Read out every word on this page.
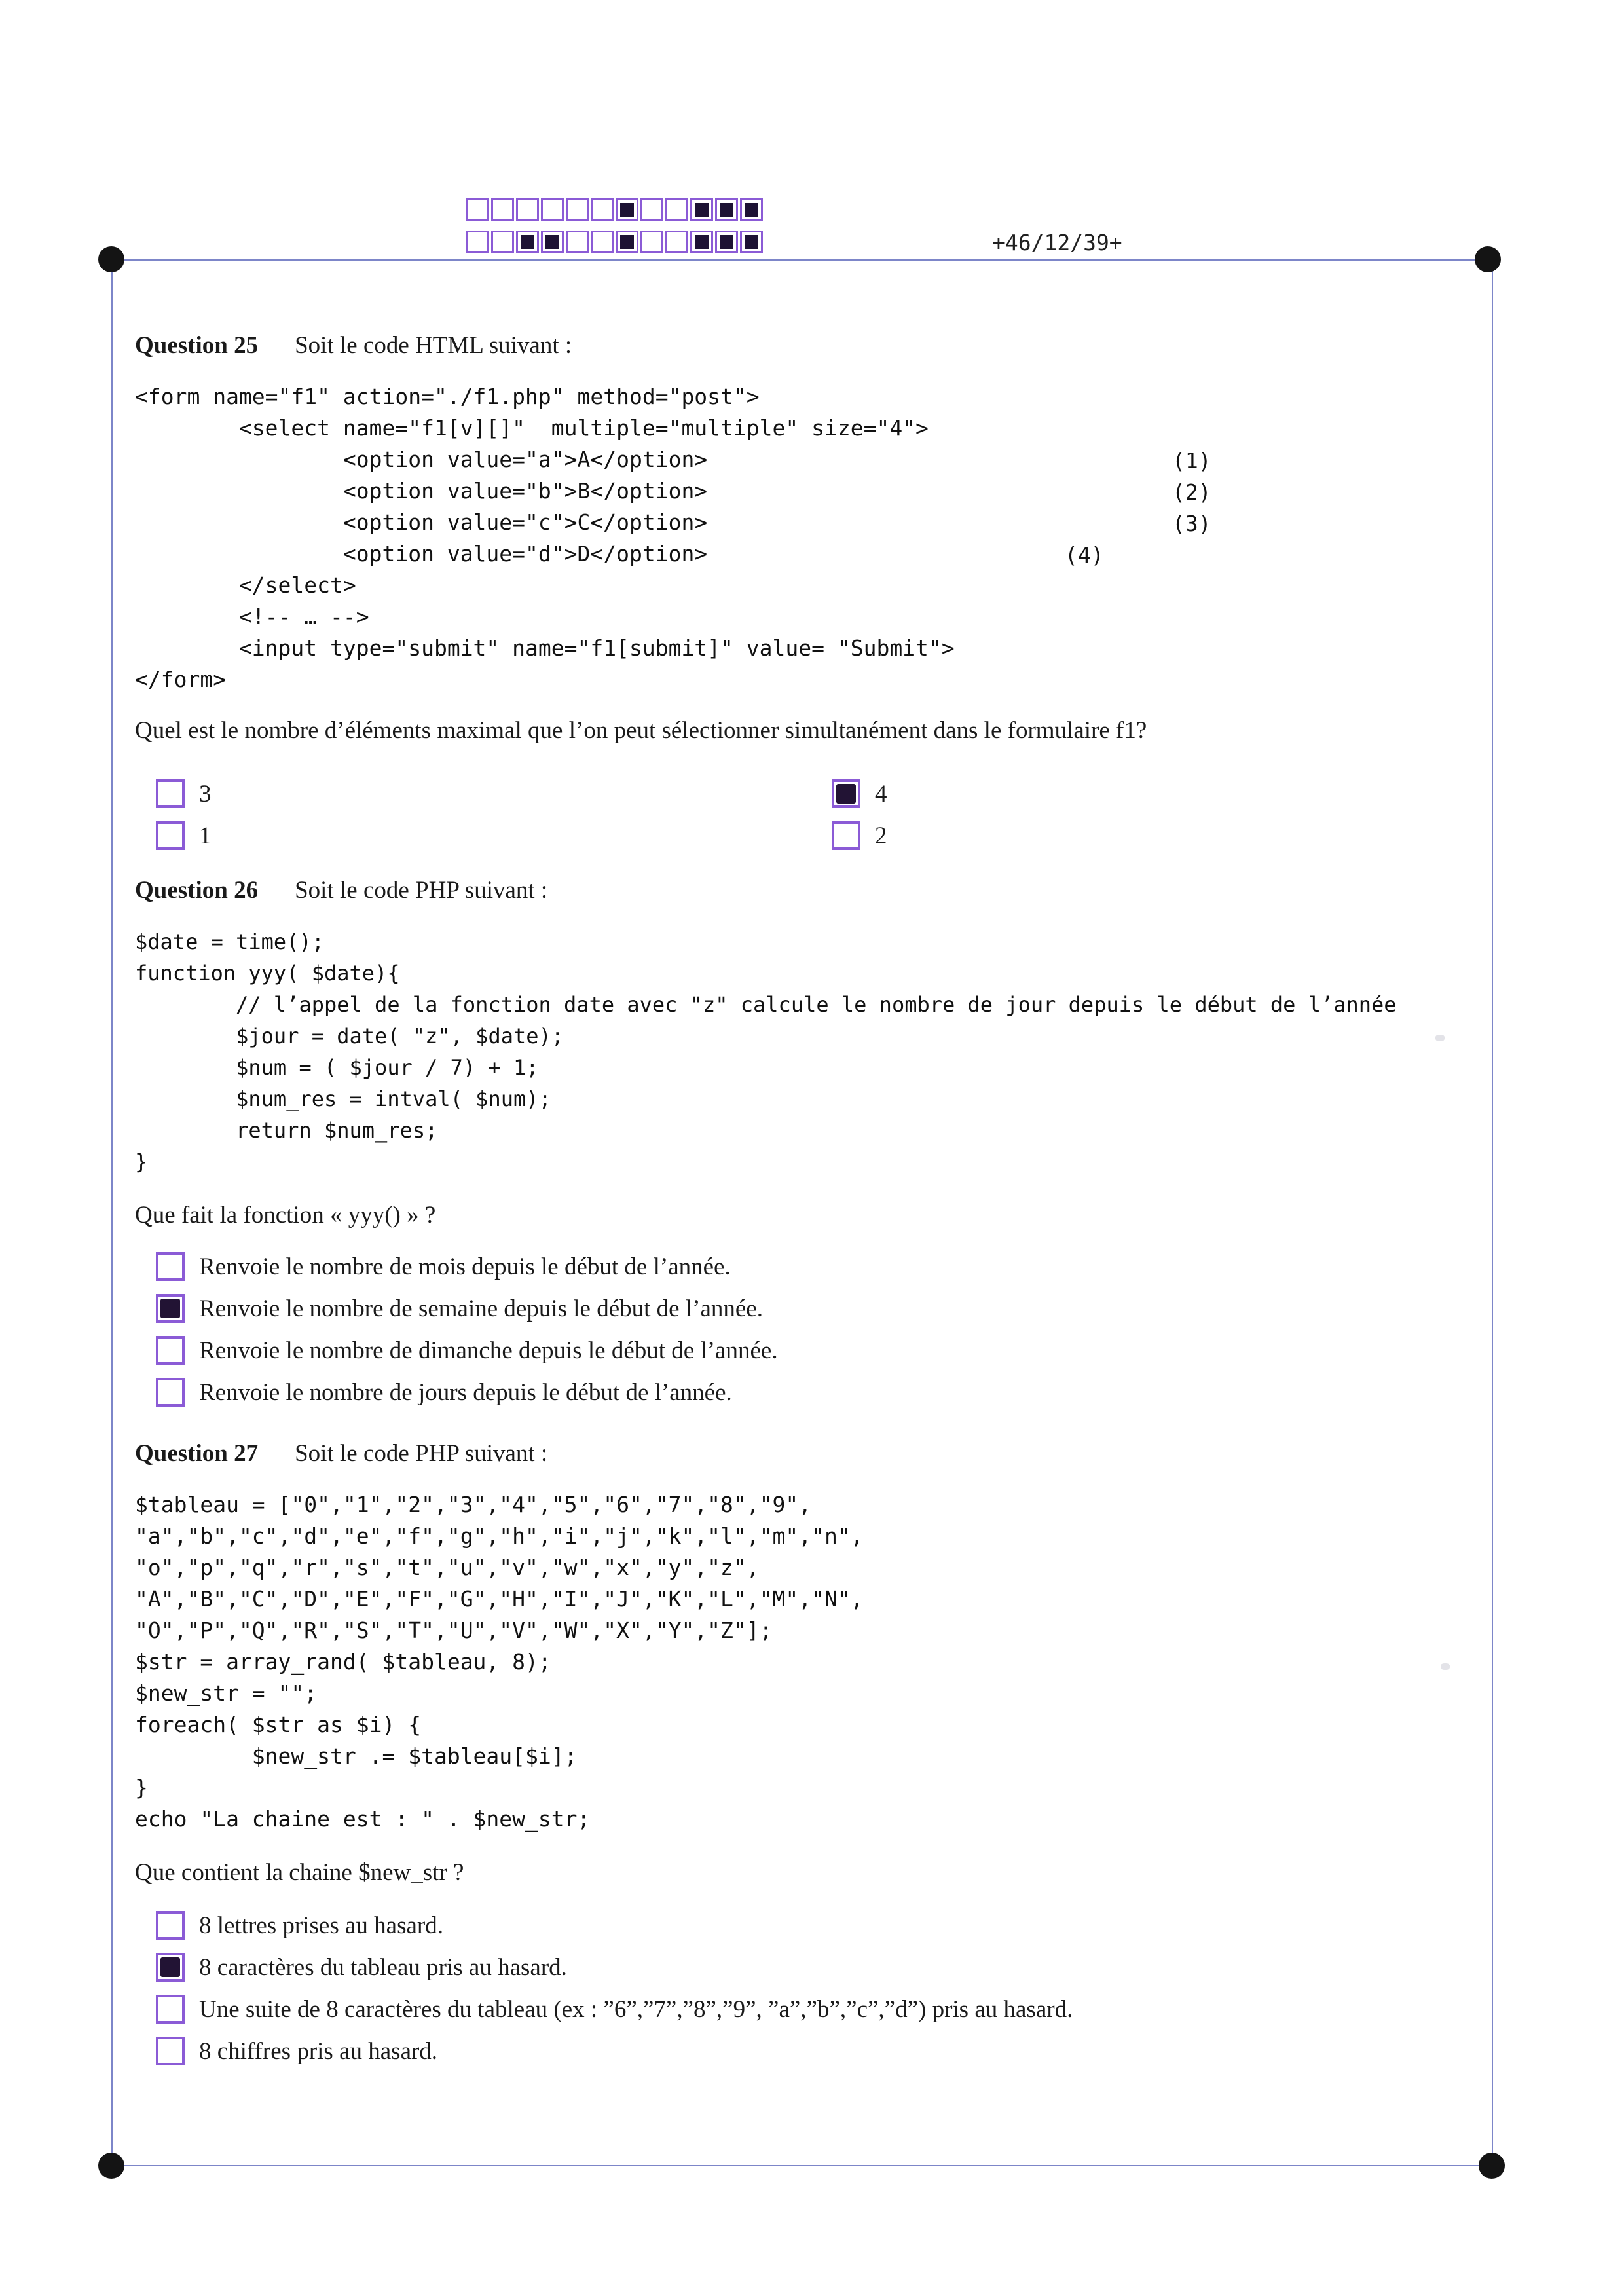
+46/12/39+
Question 25 Soit le code HTML suivant :
<form name="f1" action="./f1.php" method="post">
<select name="f1[v][]"  multiple="multiple" size="4">
<option value="a">A</option>
<option value="b">B</option>
<option value="c">C</option>
<option value="d">D</option>
</select>
<!-- … -->
<input type="submit" name="f1[submit]" value= "Submit">
</form>
(1)
(2)
(3)
(4)
Quel est le nombre d’éléments maximal que l’on peut sélectionner simultanément dans le formulaire f1?
3	4
1	2
Question 26 Soit le code PHP suivant :
$date = time();
function yyy( $date){
// l’appel de la fonction date avec "z" calcule le nombre de jour depuis le début de l’année
$jour = date( "z", $date);
$num = ( $jour / 7) + 1;
$num_res = intval( $num);
return $num_res;
}
Que fait la fonction « yyy() » ?
Renvoie le nombre de mois depuis le début de l’année.
Renvoie le nombre de semaine depuis le début de l’année.
Renvoie le nombre de dimanche depuis le début de l’année.
Renvoie le nombre de jours depuis le début de l’année.
Question 27 Soit le code PHP suivant :
$tableau = ["0","1","2","3","4","5","6","7","8","9",
"a","b","c","d","e","f","g","h","i","j","k","l","m","n",
"o","p","q","r","s","t","u","v","w","x","y","z",
"A","B","C","D","E","F","G","H","I","J","K","L","M","N",
"O","P","Q","R","S","T","U","V","W","X","Y","Z"];
$str = array_rand( $tableau, 8);
$new_str = "";
foreach( $str as $i) {
$new_str .= $tableau[$i];
}
echo "La chaine est : " . $new_str;
Que contient la chaine $new_str ?
8 lettres prises au hasard.
8 caractères du tableau pris au hasard.
Une suite de 8 caractères du tableau (ex : ”6”,”7”,”8”,”9”, ”a”,”b”,”c”,”d”) pris au hasard.
8 chiffres pris au hasard.
